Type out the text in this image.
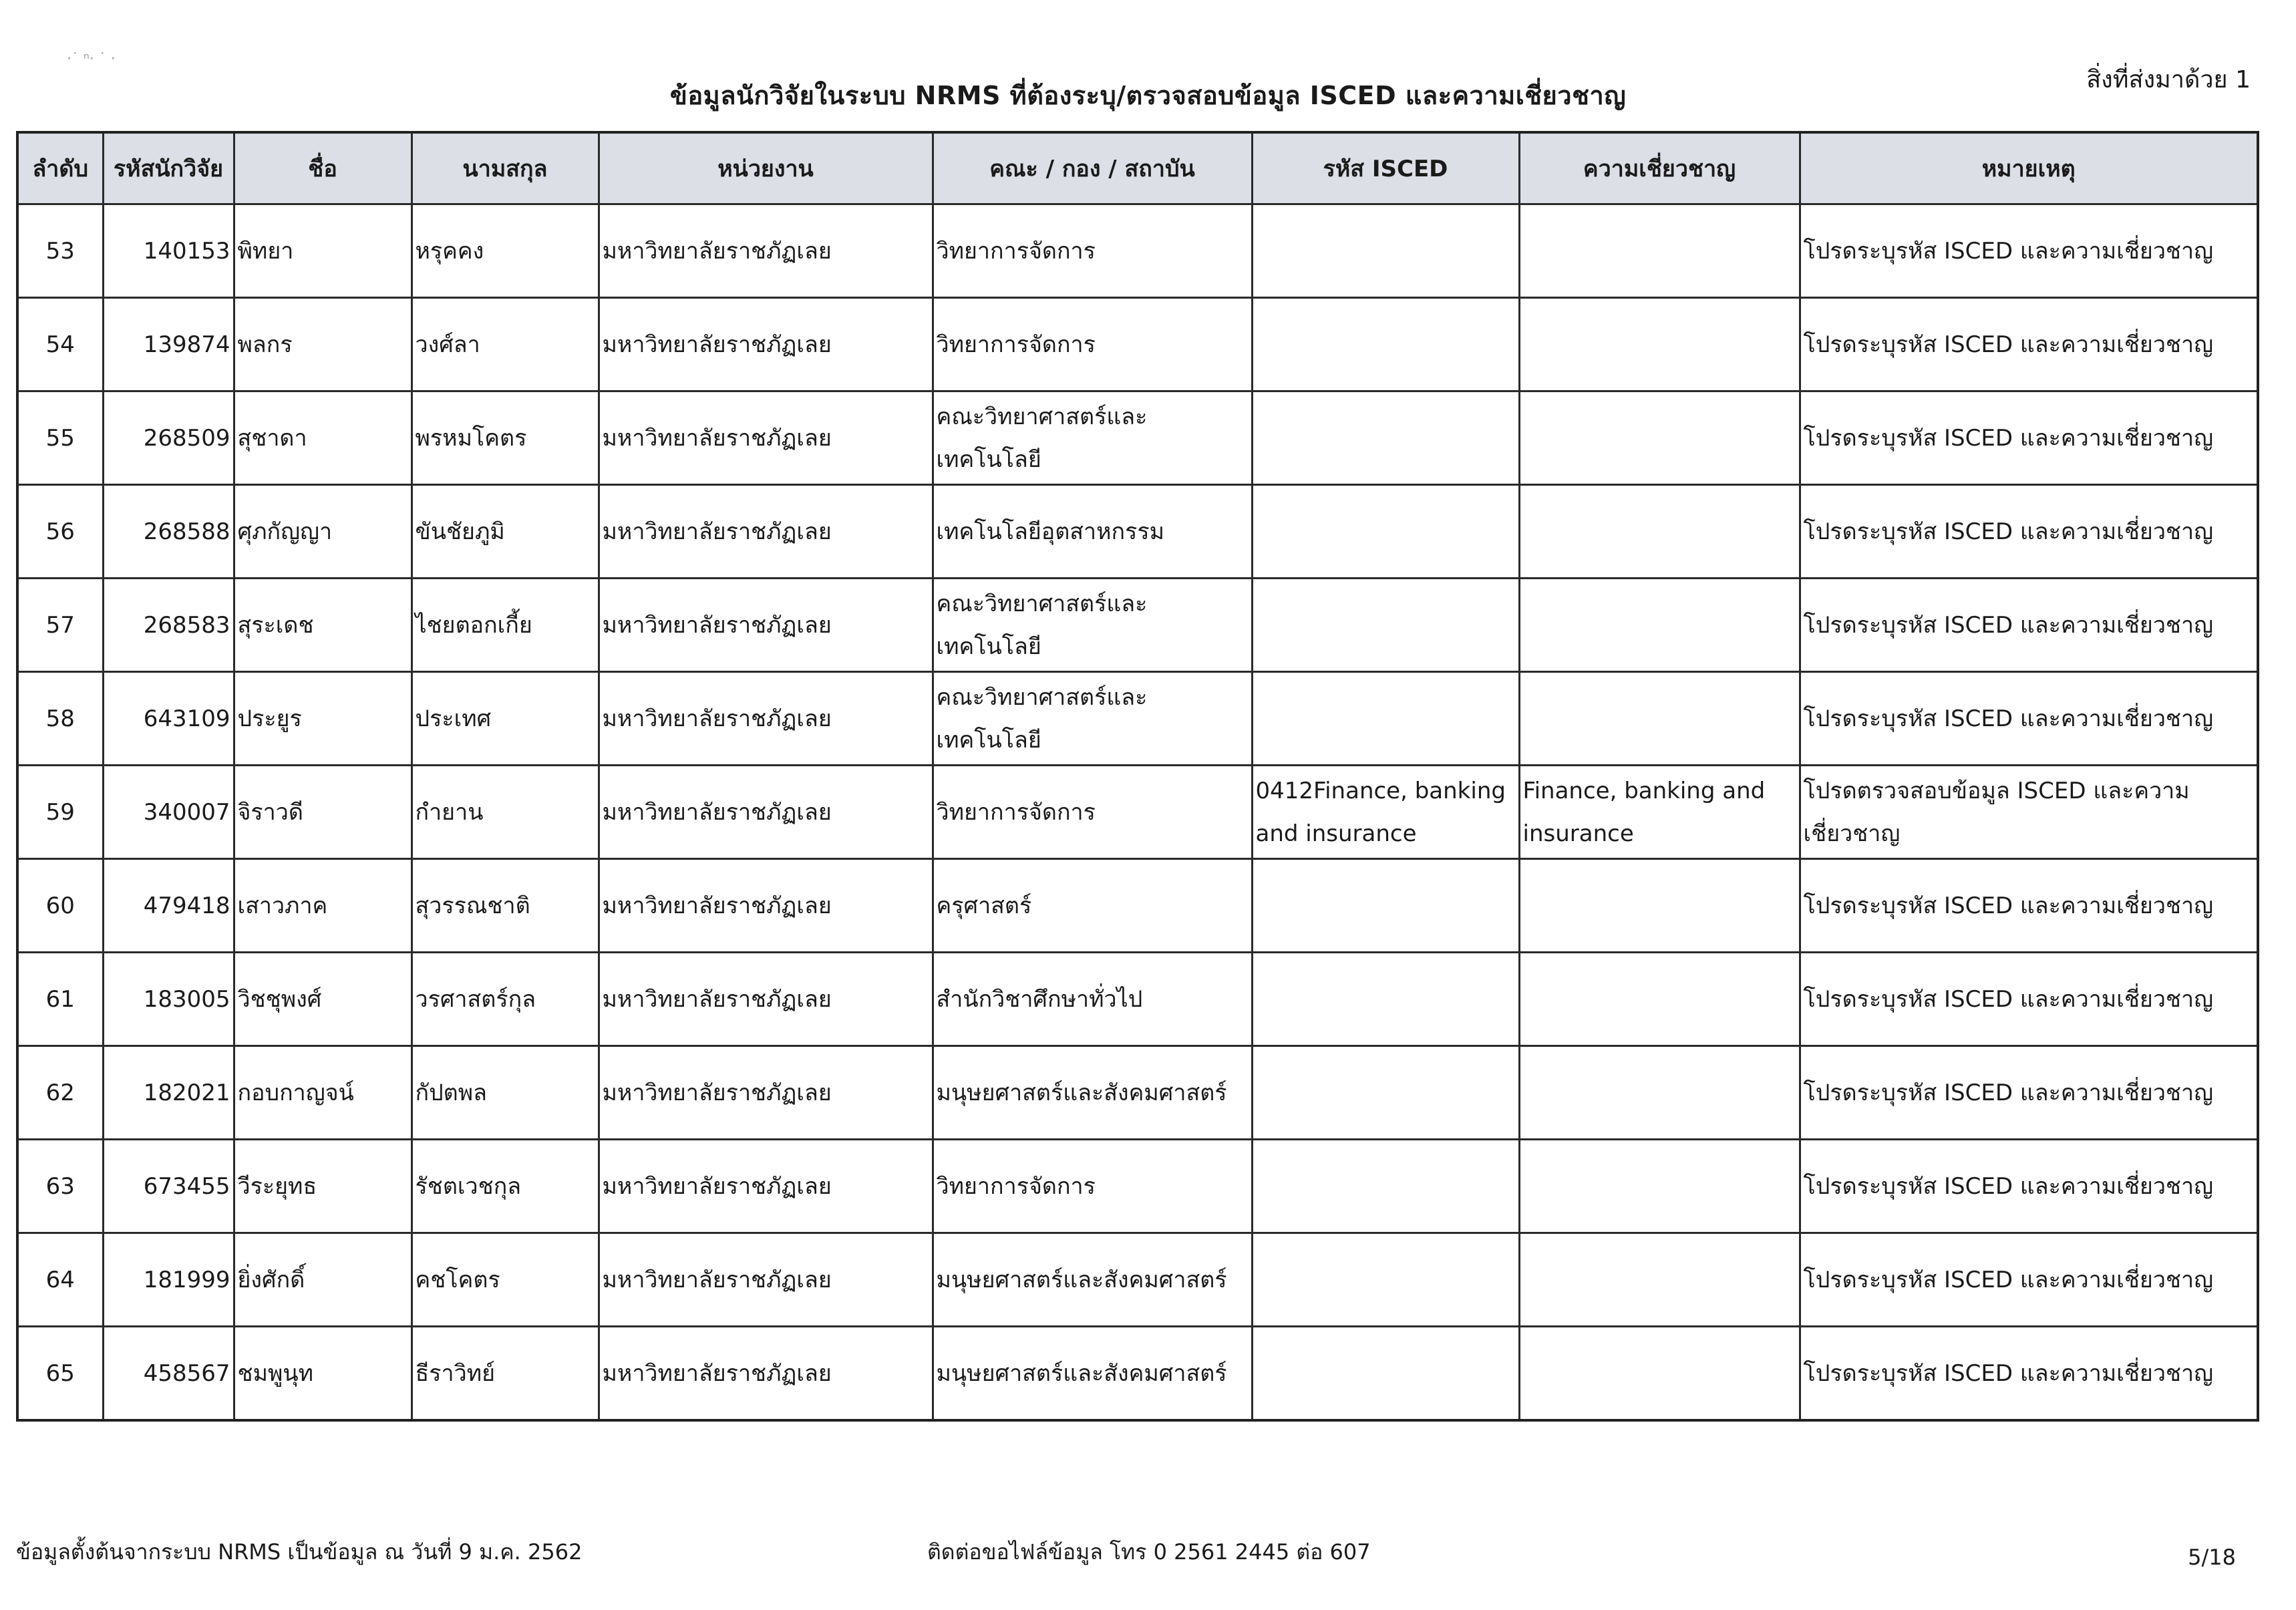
·˙ ⁿ· ˙ ·
ข้อมูลนักวิจัยในระบบ NRMS ที่ต้องระบุ/ตรวจสอบข้อมูล ISCED และความเชี่ยวชาญ
สิ่งที่ส่งมาด้วย 1
ลำดับ	รหัสนักวิจัย	ชื่อ	นามสกุล	หน่วยงาน	คณะ / กอง / สถาบัน	รหัส ISCED	ความเชี่ยวชาญ	หมายเหตุ
53	140153	พิทยา	หรุคคง	มหาวิทยาลัยราชภัฏเลย	วิทยาการจัดการ			โปรดระบุรหัส ISCED และความเชี่ยวชาญ
54	139874	พลกร	วงศ์ลา	มหาวิทยาลัยราชภัฏเลย	วิทยาการจัดการ			โปรดระบุรหัส ISCED และความเชี่ยวชาญ
55	268509	สุชาดา	พรหมโคตร	มหาวิทยาลัยราชภัฏเลย	คณะวิทยาศาสตร์และเทคโนโลยี			โปรดระบุรหัส ISCED และความเชี่ยวชาญ
56	268588	ศุภกัญญา	ขันชัยภูมิ	มหาวิทยาลัยราชภัฏเลย	เทคโนโลยีอุตสาหกรรม			โปรดระบุรหัส ISCED และความเชี่ยวชาญ
57	268583	สุระเดช	ไชยตอกเกี้ย	มหาวิทยาลัยราชภัฏเลย	คณะวิทยาศาสตร์และเทคโนโลยี			โปรดระบุรหัส ISCED และความเชี่ยวชาญ
58	643109	ประยูร	ประเทศ	มหาวิทยาลัยราชภัฏเลย	คณะวิทยาศาสตร์และเทคโนโลยี			โปรดระบุรหัส ISCED และความเชี่ยวชาญ
59	340007	จิราวดี	กำยาน	มหาวิทยาลัยราชภัฏเลย	วิทยาการจัดการ	0412Finance, banking and insurance	Finance, banking and insurance	โปรดตรวจสอบข้อมูล ISCED และความเชี่ยวชาญ
60	479418	เสาวภาค	สุวรรณชาติ	มหาวิทยาลัยราชภัฏเลย	ครุศาสตร์			โปรดระบุรหัส ISCED และความเชี่ยวชาญ
61	183005	วิชชุพงศ์	วรศาสตร์กุล	มหาวิทยาลัยราชภัฏเลย	สำนักวิชาศึกษาทั่วไป			โปรดระบุรหัส ISCED และความเชี่ยวชาญ
62	182021	กอบกาญจน์	กัปตพล	มหาวิทยาลัยราชภัฏเลย	มนุษยศาสตร์และสังคมศาสตร์			โปรดระบุรหัส ISCED และความเชี่ยวชาญ
63	673455	วีระยุทธ	รัชตเวชกุล	มหาวิทยาลัยราชภัฏเลย	วิทยาการจัดการ			โปรดระบุรหัส ISCED และความเชี่ยวชาญ
64	181999	ยิ่งศักดิ์	คชโคตร	มหาวิทยาลัยราชภัฏเลย	มนุษยศาสตร์และสังคมศาสตร์			โปรดระบุรหัส ISCED และความเชี่ยวชาญ
65	458567	ชมพูนุท	ธีราวิทย์	มหาวิทยาลัยราชภัฏเลย	มนุษยศาสตร์และสังคมศาสตร์			โปรดระบุรหัส ISCED และความเชี่ยวชาญ
ข้อมูลตั้งต้นจากระบบ NRMS เป็นข้อมูล ณ วันที่ 9 ม.ค. 2562	ติดต่อขอไฟล์ข้อมูล โทร 0 2561 2445 ต่อ 607	5/18
